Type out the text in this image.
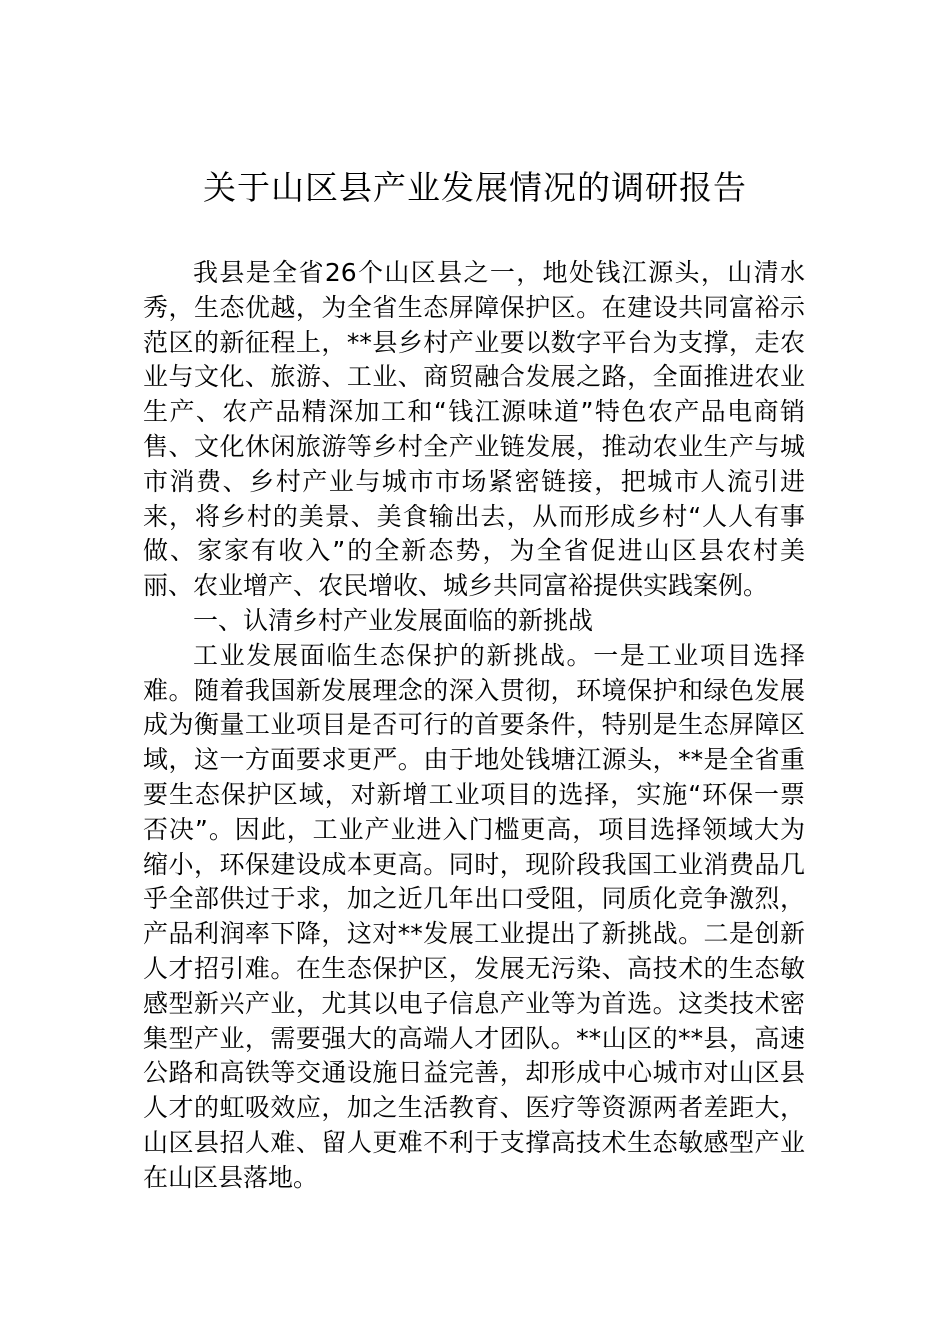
关于山区县产业发展情况的调研报告

我县是全省26个山区县之一，地处钱江源头，山清水秀，生态优越，为全省生态屏障保护区。在建设共同富裕示范区的新征程上，**县乡村产业要以数字平台为支撑，走农业与文化、旅游、工业、商贸融合发展之路，全面推进农业生产、农产品精深加工和“钱江源味道”特色农产品电商销售、文化休闲旅游等乡村全产业链发展，推动农业生产与城市消费、乡村产业与城市市场紧密链接，把城市人流引进来，将乡村的美景、美食输出去，从而形成乡村“人人有事做、家家有收入”的全新态势，为全省促进山区县农村美丽、农业增产、农民增收、城乡共同富裕提供实践案例。

一、认清乡村产业发展面临的新挑战

工业发展面临生态保护的新挑战。一是工业项目选择难。随着我国新发展理念的深入贯彻，环境保护和绿色发展成为衡量工业项目是否可行的首要条件，特别是生态屏障区域，这一方面要求更严。由于地处钱塘江源头，**是全省重要生态保护区域，对新增工业项目的选择，实施“环保一票否决”。因此，工业产业进入门槛更高，项目选择领域大为缩小，环保建设成本更高。同时，现阶段我国工业消费品几乎全部供过于求，加之近几年出口受阻，同质化竞争激烈，产品利润率下降，这对**发展工业提出了新挑战。二是创新人才招引难。在生态保护区，发展无污染、高技术的生态敏感型新兴产业，尤其以电子信息产业等为首选。这类技术密集型产业，需要强大的高端人才团队。**山区的**县，高速公路和高铁等交通设施日益完善，却形成中心城市对山区县人才的虹吸效应，加之生活教育、医疗等资源两者差距大，山区县招人难、留人更难不利于支撑高技术生态敏感型产业在山区县落地。
